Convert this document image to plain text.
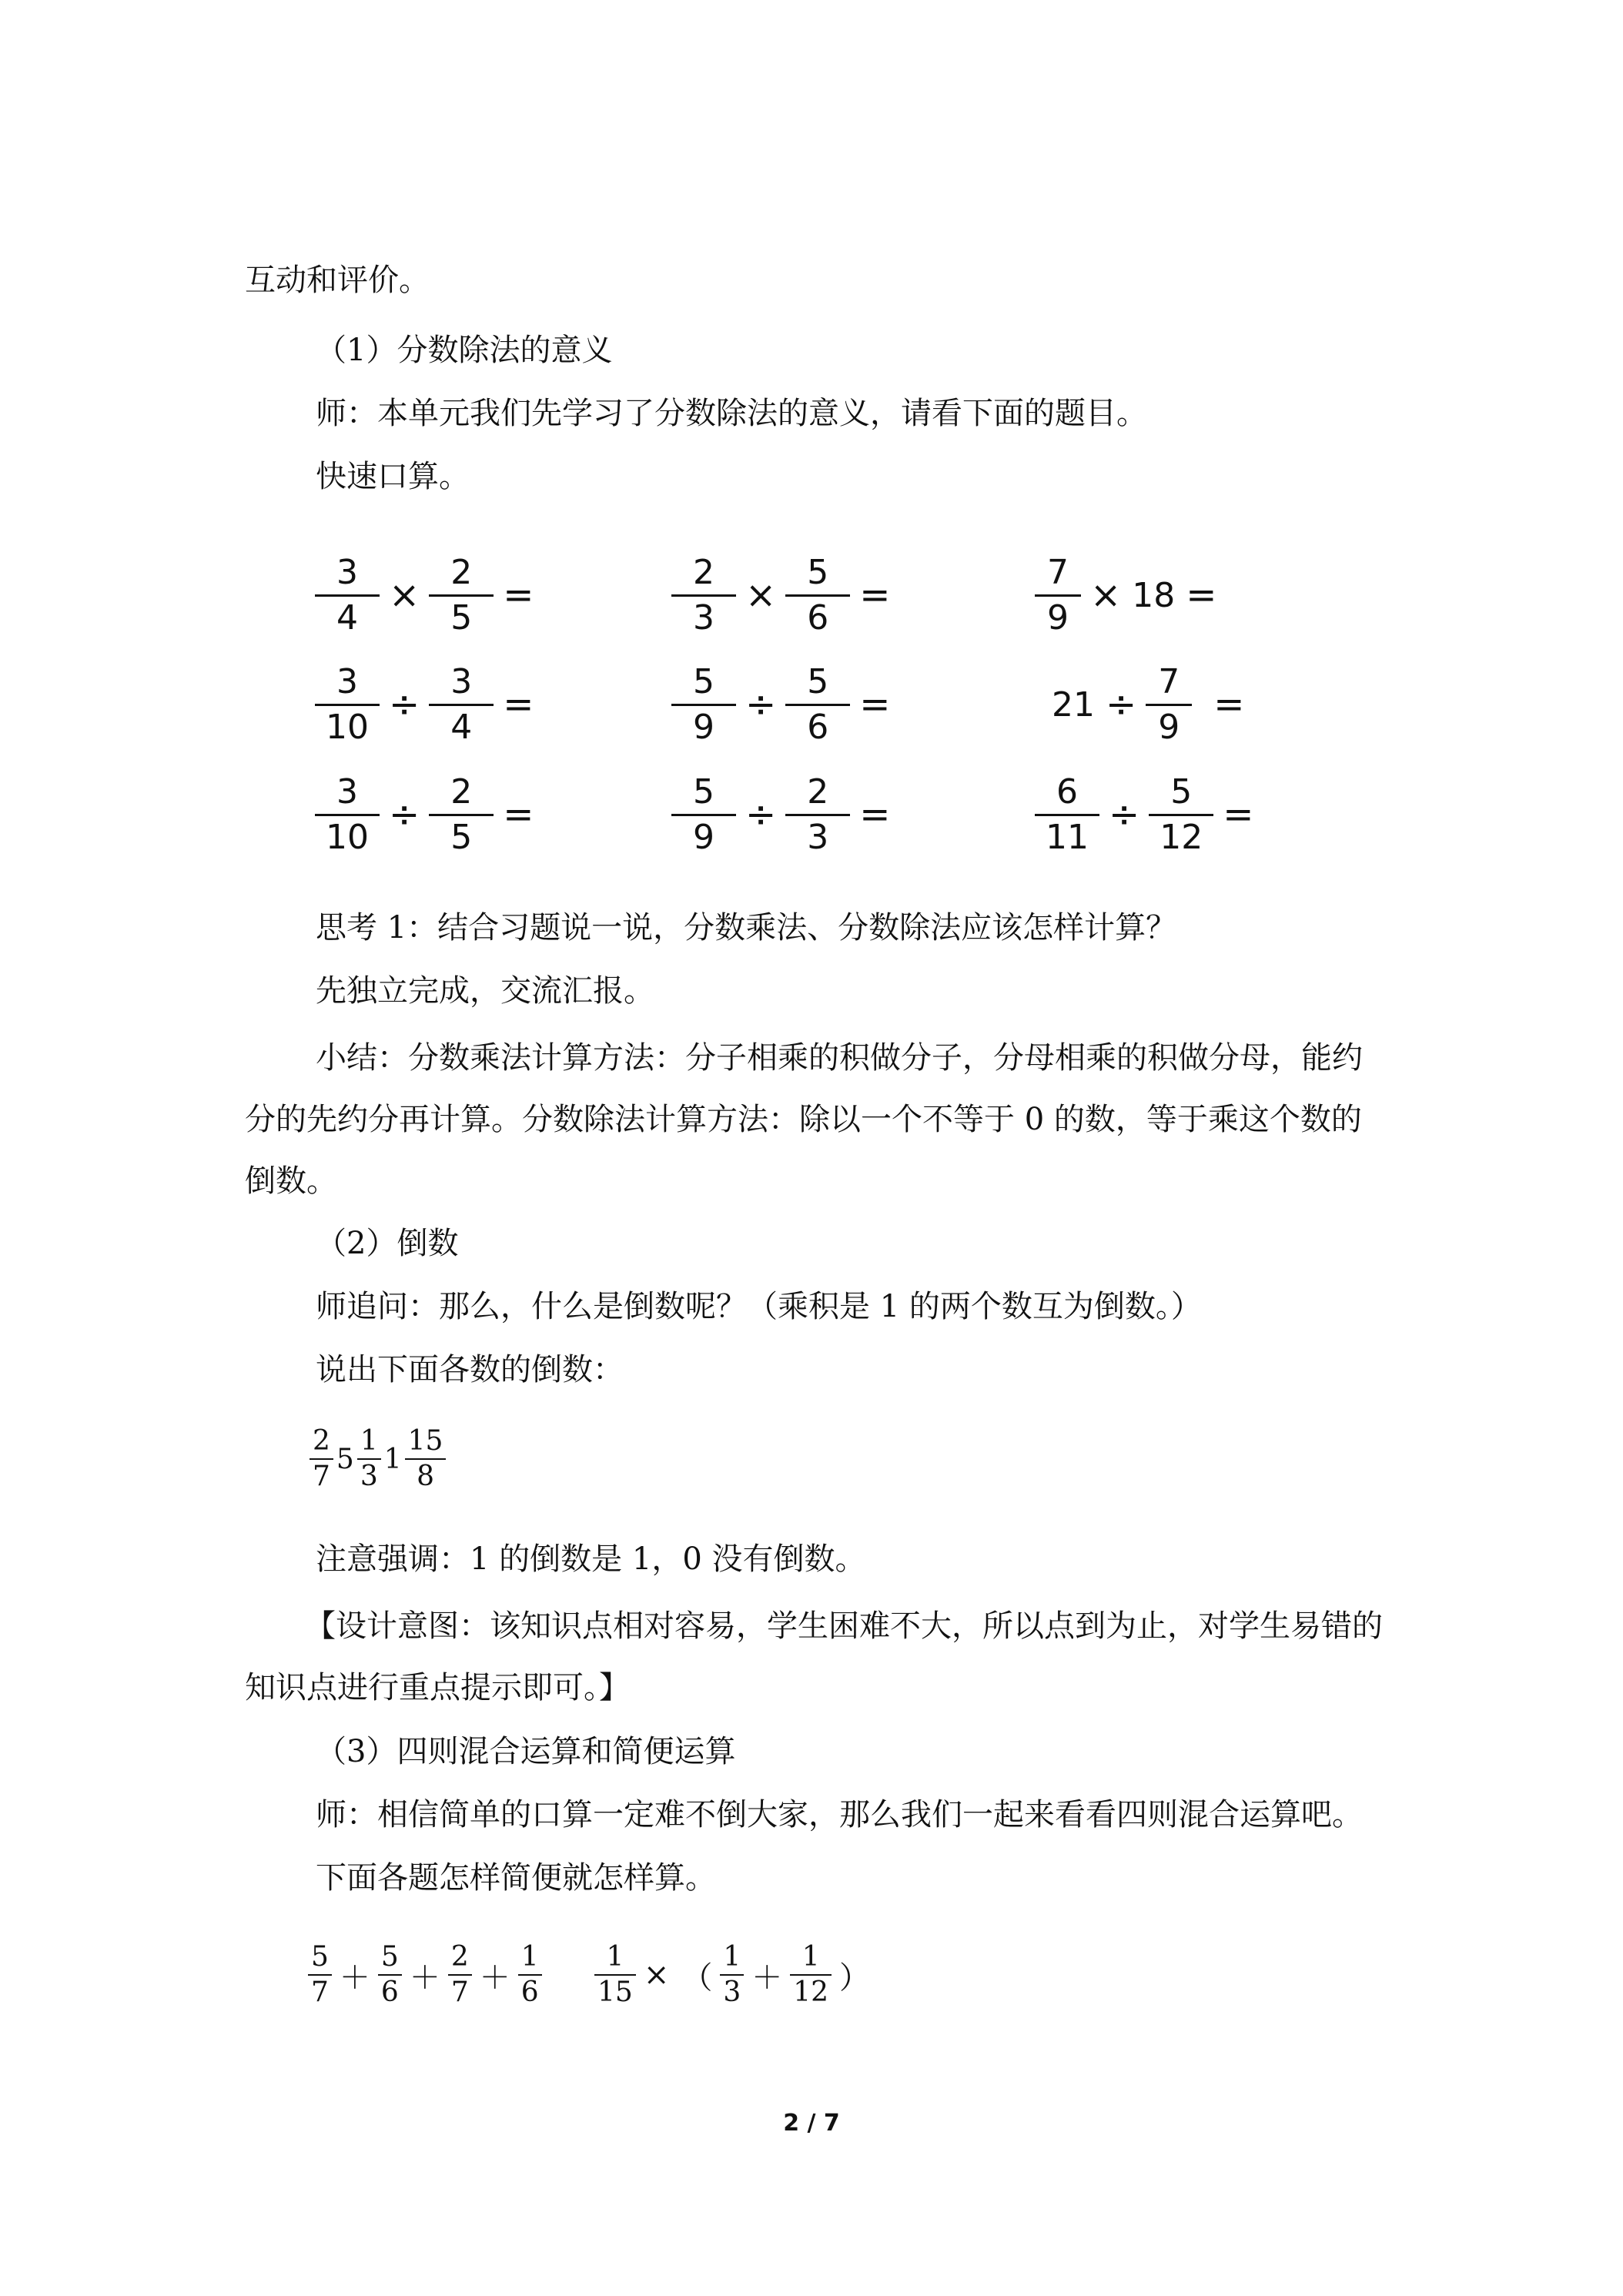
互动和评价。
（1）分数除法的意义
师：本单元我们先学习了分数除法的意义，请看下面的题目。
快速口算。
$\frac{3}{4} \times \frac{2}{5}$ =	$\frac{2}{3} \times \frac{5}{6}$ =	$\frac{7}{9} \times 18$ =
$\frac{3}{10} \div \frac{3}{4}$ =	$\frac{5}{9} \div \frac{5}{6}$ =	$21 \div \frac{7}{9}$ =
$\frac{3}{10} \div \frac{2}{5}$ =	$\frac{5}{9} \div \frac{2}{3}$ =	$\frac{6}{11} \div \frac{5}{12}$ =
思考 1：结合习题说一说，分数乘法、分数除法应该怎样计算？
先独立完成，交流汇报。
小结：分数乘法计算方法：分子相乘的积做分子，分母相乘的积做分母，能约分的先约分再计算。分数除法计算方法：除以一个不等于 0 的数，等于乘这个数的倒数。
（2）倒数
师追问：那么，什么是倒数呢？（乘积是 1 的两个数互为倒数。）
说出下面各数的倒数：
$\frac{2}{7} 5 \frac{1}{3} 1 \frac{15}{8}$
注意强调：1 的倒数是 1，0 没有倒数。
【设计意图：该知识点相对容易，学生困难不大，所以点到为止，对学生易错的知识点进行重点提示即可。】
（3）四则混合运算和简便运算
师：相信简单的口算一定难不倒大家，那么我们一起来看看四则混合运算吧。
下面各题怎样简便就怎样算。
$\frac{5}{7} + \frac{5}{6} + \frac{2}{7} + \frac{1}{6} \frac{1}{15}$ × （ $\frac{1}{3} + \frac{1}{12}$ ）
2 / 7
